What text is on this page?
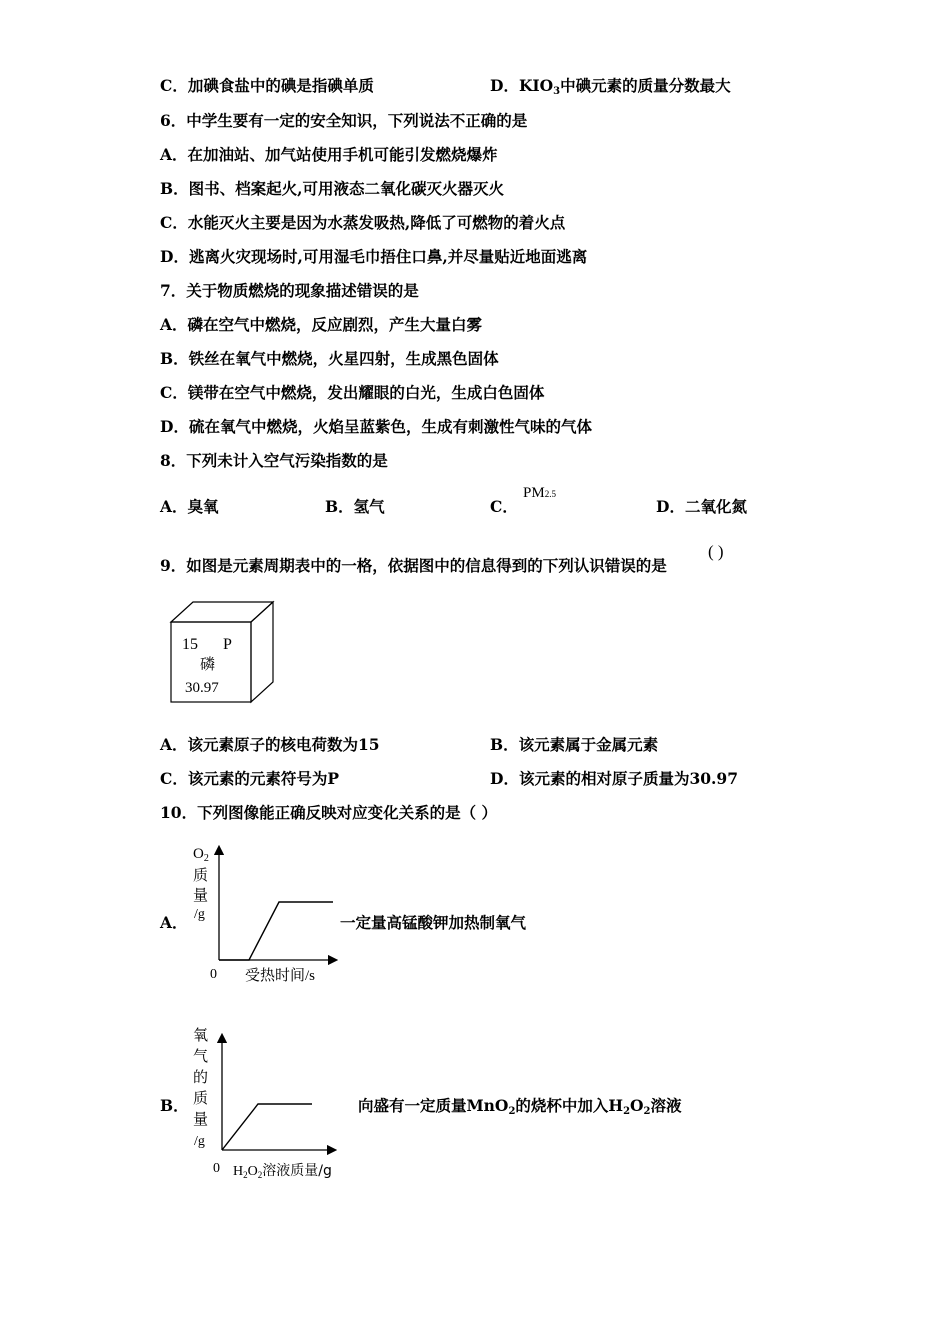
C．加碘食盐中的碘是指碘单质	D．$KIO_3$中碘元素的质量分数最大
6．中学生要有一定的安全知识，下列说法不正确的是
A．在加油站、加气站使用手机可能引发燃烧爆炸
B．图书、档案起火,可用液态二氧化碳灭火器灭火
C．水能灭火主要是因为水蒸发吸热,降低了可燃物的着火点
D．逃离火灾现场时,可用湿毛巾捂住口鼻,并尽量贴近地面逃离
7．关于物质燃烧的现象描述错误的是
A．磷在空气中燃烧，反应剧烈，产生大量白雾
B．铁丝在氧气中燃烧，火星四射，生成黑色固体
C．镁带在空气中燃烧，发出耀眼的白光，生成白色固体
D．硫在氧气中燃烧，火焰呈蓝紫色，生成有刺激性气味的气体
8．下列未计入空气污染指数的是
A．臭氧	B．氢气	C．
PM2.5
D．二氧化氮
9．如图是元素周期表中的一格，依据图中的信息得到的下列认识错误的是
( )
15 P
磷
30.97
A．该元素原子的核电荷数为15	B．该元素属于金属元素
C．该元素的元素符号为P	D．该元素的相对原子质量为30.97
10．下列图像能正确反映对应变化关系的是（ ）
A．
$O_2$
质
量
/g
0 受热时间/s
一定量高锰酸钾加热制氧气
B．
氧
气
的
质
量
/g
0 $H_2O_2$溶液质量/g
向盛有一定质量MnO$_2$的烧杯中加入$H_2O_2$溶液
